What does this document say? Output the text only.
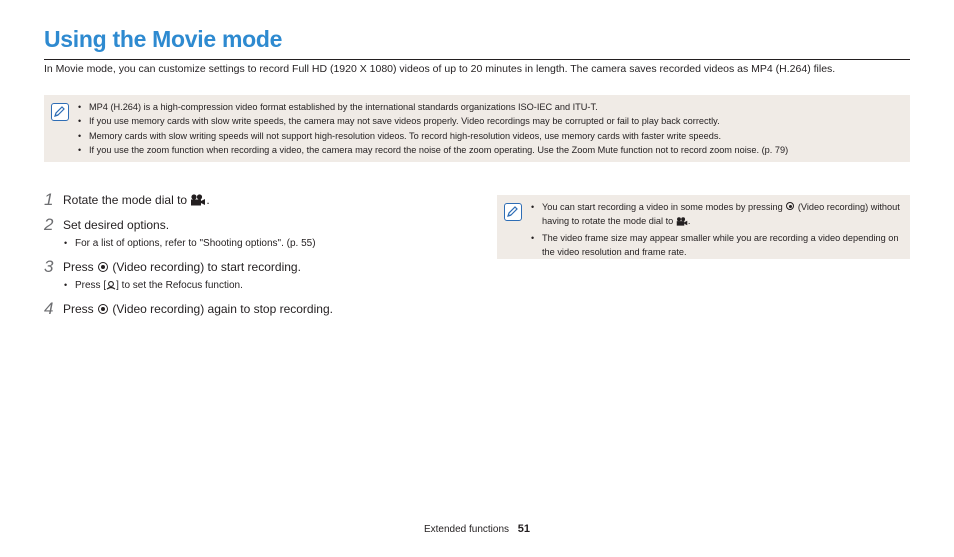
Using the Movie mode
In Movie mode, you can customize settings to record Full HD (1920 X 1080) videos of up to 20 minutes in length. The camera saves recorded videos as MP4 (H.264) files.
• MP4 (H.264) is a high-compression video format established by the international standards organizations ISO-IEC and ITU-T.
• If you use memory cards with slow write speeds, the camera may not save videos properly. Video recordings may be corrupted or fail to play back correctly.
• Memory cards with slow writing speeds will not support high-resolution videos. To record high-resolution videos, use memory cards with faster write speeds.
• If you use the zoom function when recording a video, the camera may record the noise of the zoom operating. Use the Zoom Mute function not to record zoom noise. (p. 79)
1 Rotate the mode dial to .
2 Set desired options.
• For a list of options, refer to "Shooting options". (p. 55)
3 Press (Video recording) to start recording.
• Press [ ] to set the Refocus function.
4 Press (Video recording) again to stop recording.
• You can start recording a video in some modes by pressing (Video recording) without having to rotate the mode dial to .
• The video frame size may appear smaller while you are recording a video depending on the video resolution and frame rate.
Extended functions 51
